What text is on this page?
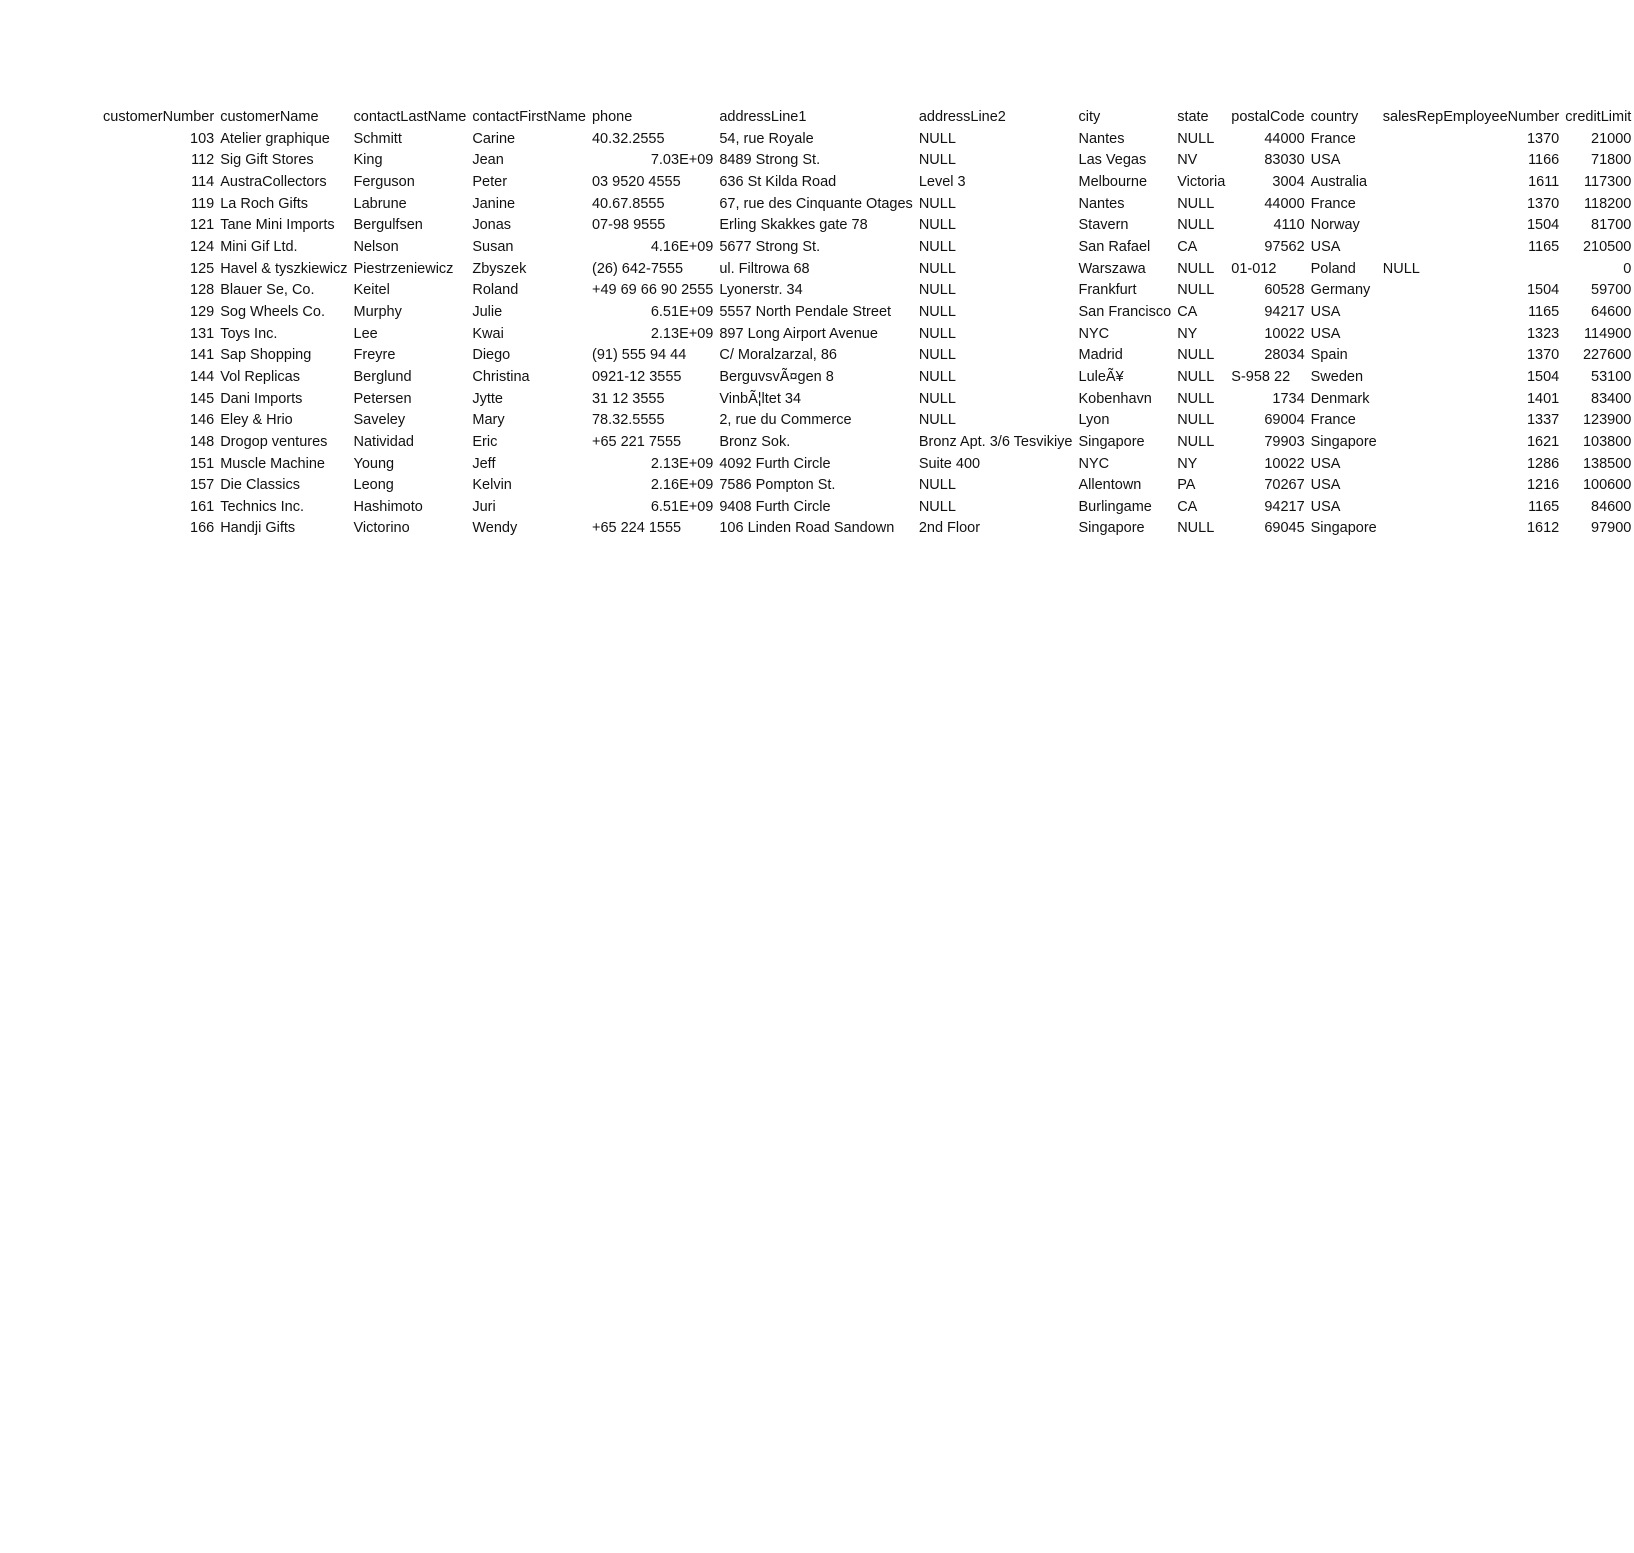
customerNumber	customerName	contactLastName	contactFirstName	phone	addressLine1	addressLine2	city	state	postalCode	country	salesRepEmployeeNumber	creditLimit
103	Atelier graphique	Schmitt	Carine	40.32.2555	54, rue Royale	NULL	Nantes	NULL	44000	France	1370	21000
112	Sig Gift Stores	King	Jean	7.03E+09	8489 Strong St.	NULL	Las Vegas	NV	83030	USA	1166	71800
114	AustraCollectors	Ferguson	Peter	03 9520 4555	636 St Kilda Road	Level 3	Melbourne	Victoria	3004	Australia	1611	117300
119	La Roch Gifts	Labrune	Janine	40.67.8555	67, rue des Cinquante Otages	NULL	Nantes	NULL	44000	France	1370	118200
121	Tane Mini Imports	Bergulfsen	Jonas	07-98 9555	Erling Skakkes gate 78	NULL	Stavern	NULL	4110	Norway	1504	81700
124	Mini Gif Ltd.	Nelson	Susan	4.16E+09	5677 Strong St.	NULL	San Rafael	CA	97562	USA	1165	210500
125	Havel & tyszkiewicz	Piestrzeniewicz	Zbyszek	(26) 642-7555	ul. Filtrowa 68	NULL	Warszawa	NULL	01-012	Poland	NULL	0
128	Blauer Se, Co.	Keitel	Roland	+49 69 66 90 2555	Lyonerstr. 34	NULL	Frankfurt	NULL	60528	Germany	1504	59700
129	Sog Wheels Co.	Murphy	Julie	6.51E+09	5557 North Pendale Street	NULL	San Francisco	CA	94217	USA	1165	64600
131	Toys Inc.	Lee	Kwai	2.13E+09	897 Long Airport Avenue	NULL	NYC	NY	10022	USA	1323	114900
141	Sap Shopping	Freyre	Diego	(91) 555 94 44	C/ Moralzarzal, 86	NULL	Madrid	NULL	28034	Spain	1370	227600
144	Vol Replicas	Berglund	Christina	0921-12 3555	BerguvsvÃ¤gen 8	NULL	LuleÃ¥	NULL	S-958 22	Sweden	1504	53100
145	Dani Imports	Petersen	Jytte	31 12 3555	VinbÃ¦ltet 34	NULL	Kobenhavn	NULL	1734	Denmark	1401	83400
146	Eley & Hrio	Saveley	Mary	78.32.5555	2, rue du Commerce	NULL	Lyon	NULL	69004	France	1337	123900
148	Drogop ventures	Natividad	Eric	+65 221 7555	Bronz Sok.	Bronz Apt. 3/6 Tesvikiye	Singapore	NULL	79903	Singapore	1621	103800
151	Muscle Machine	Young	Jeff	2.13E+09	4092 Furth Circle	Suite 400	NYC	NY	10022	USA	1286	138500
157	Die Classics	Leong	Kelvin	2.16E+09	7586 Pompton St.	NULL	Allentown	PA	70267	USA	1216	100600
161	Technics Inc.	Hashimoto	Juri	6.51E+09	9408 Furth Circle	NULL	Burlingame	CA	94217	USA	1165	84600
166	Handji Gifts	Victorino	Wendy	+65 224 1555	106 Linden Road Sandown	2nd Floor	Singapore	NULL	69045	Singapore	1612	97900
